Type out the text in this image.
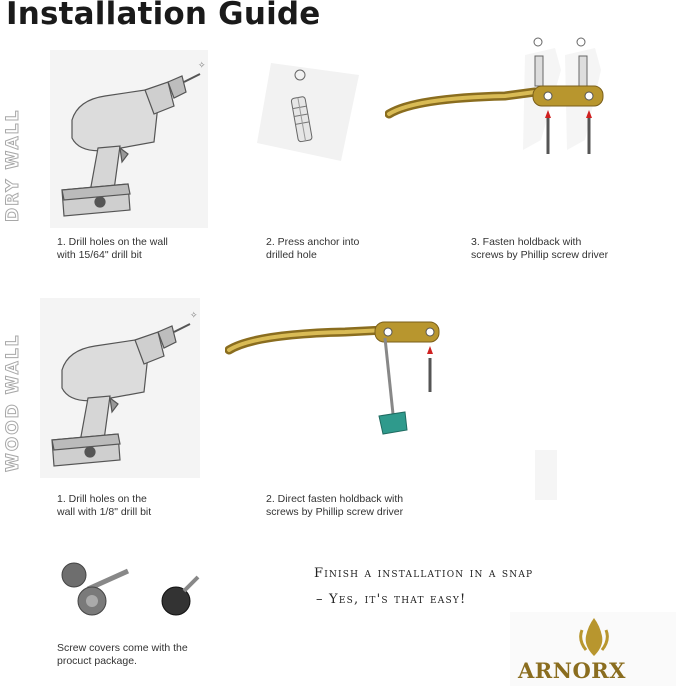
Installation Guide
DRY WALL
WOOD WALL
✧
1. Drill holes on the wall
with 15/64" drill bit
2. Press anchor into
drilled hole
3. Fasten holdback with
screws by Phillip screw driver
✧
1. Drill holes on the
wall with 1/8" drill bit
2. Direct fasten holdback with
screws by Phillip screw driver
Screw covers come with the
procuct package.
Finish a installation in a snap
– Yes, it's that easy!
ARNORX
